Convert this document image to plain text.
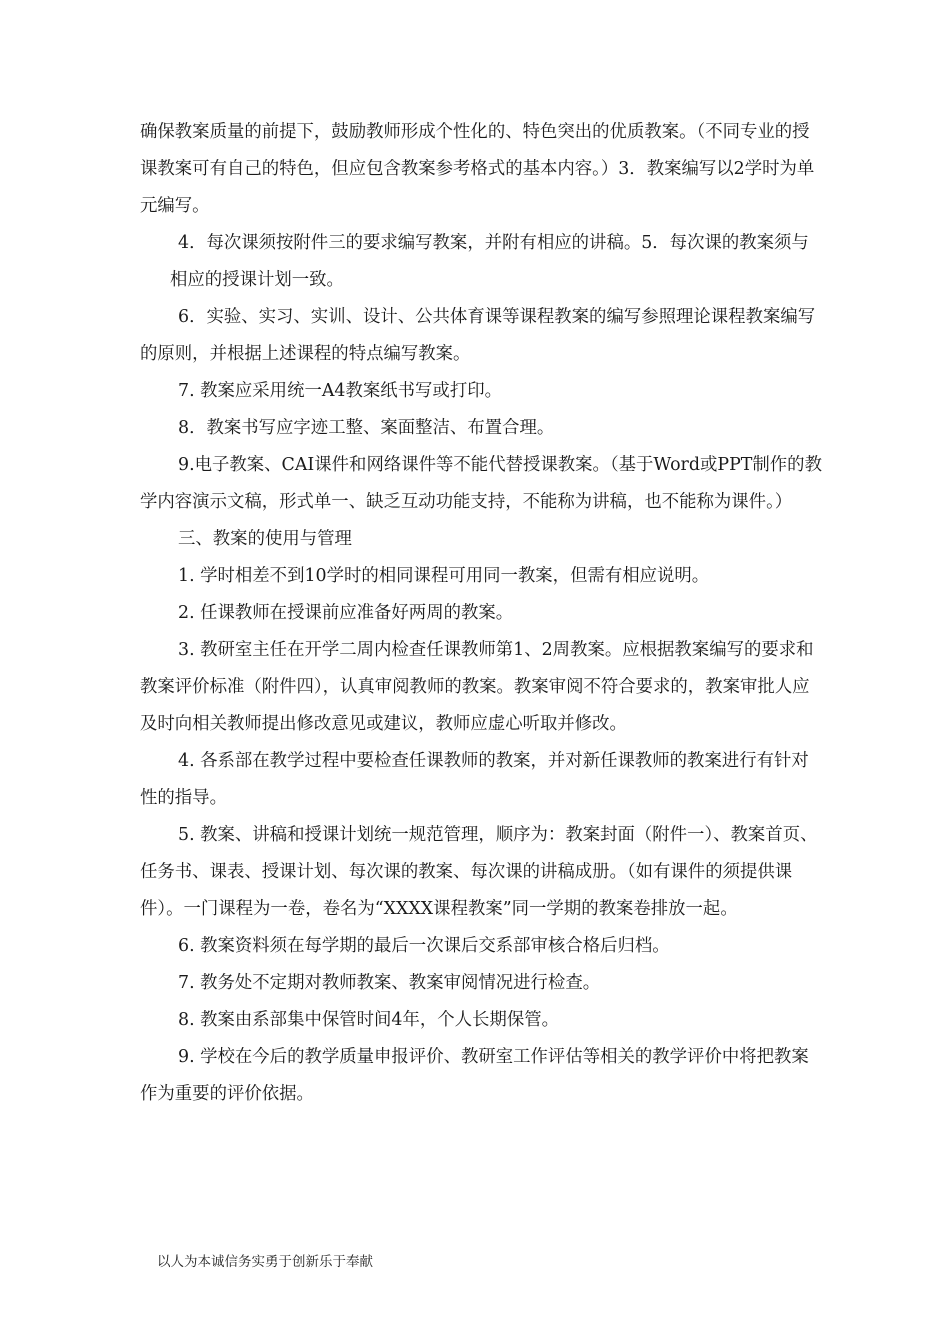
确保教案质量的前提下，鼓励教师形成个性化的、特色突出的优质教案。（不同专业的授课教案可有自己的特色，但应包含教案参考格式的基本内容。）3．教案编写以2学时为单元编写。

4．每次课须按附件三的要求编写教案，并附有相应的讲稿。5．每次课的教案须与相应的授课计划一致。

6．实验、实习、实训、设计、公共体育课等课程教案的编写参照理论课程教案编写的原则，并根据上述课程的特点编写教案。

7. 教案应采用统一A4教案纸书写或打印。

8．教案书写应字迹工整、案面整洁、布置合理。

9.电子教案、CAI课件和网络课件等不能代替授课教案。（基于Word或PPT制作的教学内容演示文稿，形式单一、缺乏互动功能支持，不能称为讲稿，也不能称为课件。）

三、教案的使用与管理

1. 学时相差不到10学时的相同课程可用同一教案，但需有相应说明。

2. 任课教师在授课前应准备好两周的教案。

3. 教研室主任在开学二周内检查任课教师第1、2周教案。应根据教案编写的要求和教案评价标准（附件四），认真审阅教师的教案。教案审阅不符合要求的，教案审批人应及时向相关教师提出修改意见或建议，教师应虚心听取并修改。

4. 各系部在教学过程中要检查任课教师的教案，并对新任课教师的教案进行有针对性的指导。

5. 教案、讲稿和授课计划统一规范管理，顺序为：教案封面（附件一）、教案首页、任务书、课表、授课计划、每次课的教案、每次课的讲稿成册。（如有课件的须提供课件）。一门课程为一卷，卷名为“XXXX课程教案”同一学期的教案卷排放一起。

6. 教案资料须在每学期的最后一次课后交系部审核合格后归档。

7. 教务处不定期对教师教案、教案审阅情况进行检查。

8. 教案由系部集中保管时间4年，个人长期保管。

9. 学校在今后的教学质量申报评价、教研室工作评估等相关的教学评价中将把教案作为重要的评价依据。

以人为本诚信务实勇于创新乐于奉献
